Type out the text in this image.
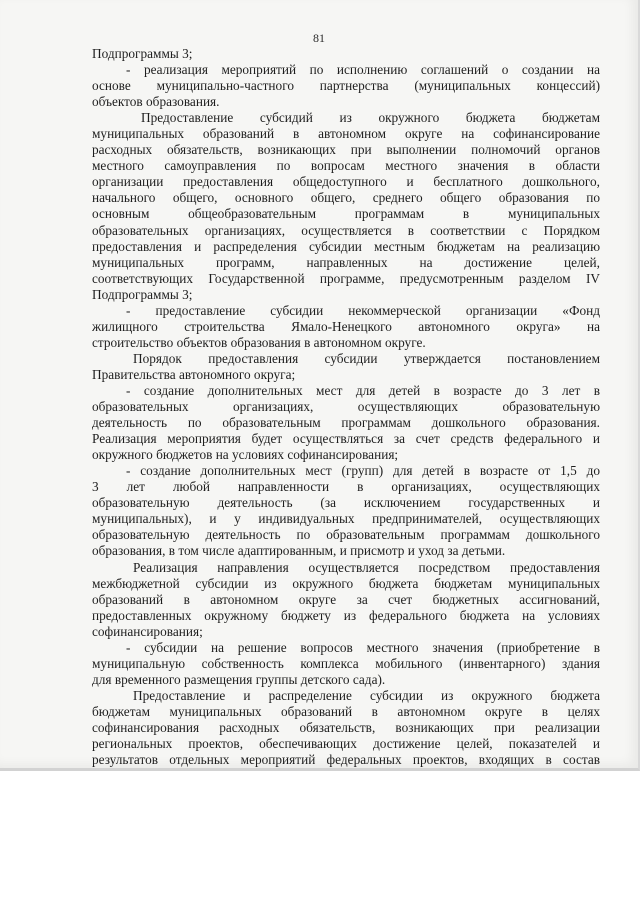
81
Подпрограммы 3;
- реализация мероприятий по исполнению соглашений о создании на
основе муниципально-частного партнерства (муниципальных концессий)
объектов образования.
Предоставление субсидий из окружного бюджета бюджетам
муниципальных образований в автономном округе на софинансирование
расходных обязательств, возникающих при выполнении полномочий органов
местного самоуправления по вопросам местного значения в области
организации предоставления общедоступного и бесплатного дошкольного,
начального общего, основного общего, среднего общего образования по
основным общеобразовательным программам в муниципальных
образовательных организациях, осуществляется в соответствии с Порядком
предоставления и распределения субсидии местным бюджетам на реализацию
муниципальных программ, направленных на достижение целей,
соответствующих Государственной программе, предусмотренным разделом IV
Подпрограммы 3;
- предоставление субсидии некоммерческой организации «Фонд
жилищного строительства Ямало-Ненецкого автономного округа» на
строительство объектов образования в автономном округе.
Порядок предоставления субсидии утверждается постановлением
Правительства автономного округа;
- создание дополнительных мест для детей в возрасте до 3 лет в
образовательных организациях, осуществляющих образовательную
деятельность по образовательным программам дошкольного образования.
Реализация мероприятия будет осуществляться за счет средств федерального и
окружного бюджетов на условиях софинансирования;
- создание дополнительных мест (групп) для детей в возрасте от 1,5 до
3 лет любой направленности в организациях, осуществляющих
образовательную деятельность (за исключением государственных и
муниципальных), и у индивидуальных предпринимателей, осуществляющих
образовательную деятельность по образовательным программам дошкольного
образования, в том числе адаптированным, и присмотр и уход за детьми.
Реализация направления осуществляется посредством предоставления
межбюджетной субсидии из окружного бюджета бюджетам муниципальных
образований в автономном округе за счет бюджетных ассигнований,
предоставленных окружному бюджету из федерального бюджета на условиях
софинансирования;
- субсидии на решение вопросов местного значения (приобретение в
муниципальную собственность комплекса мобильного (инвентарного) здания
для временного размещения группы детского сада).
Предоставление и распределение субсидии из окружного бюджета
бюджетам муниципальных образований в автономном округе в целях
софинансирования расходных обязательств, возникающих при реализации
региональных проектов, обеспечивающих достижение целей, показателей и
результатов отдельных мероприятий федеральных проектов, входящих в состав
